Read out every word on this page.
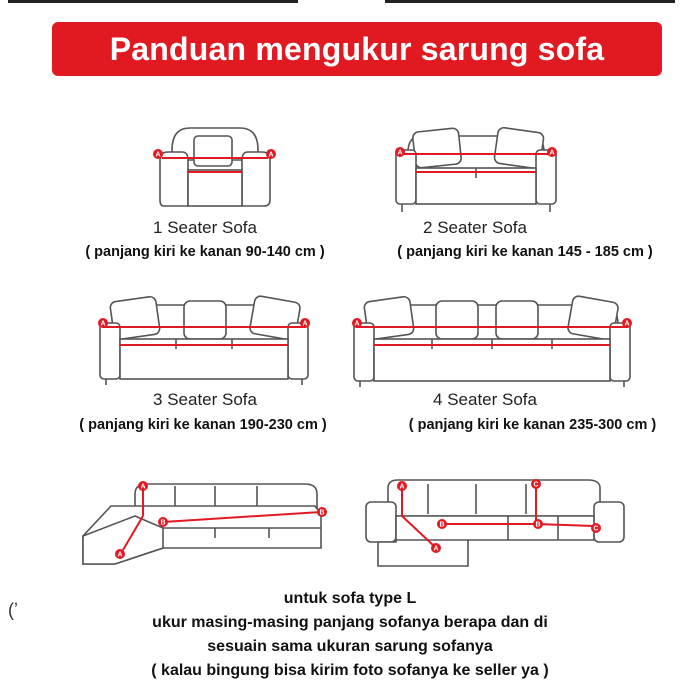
Panduan mengukur sarung sofa
A	A
1 Seater Sofa
( panjang kiri ke kanan 90-140 cm )
A	A
2 Seater Sofa
( panjang kiri ke kanan 145 - 185 cm )
A	A
3 Seater Sofa
( panjang kiri ke kanan 190-230 cm )
A	A
4 Seater Sofa
( panjang kiri ke kanan 235-300 cm )
A
A
B
B
A
A
B	B
C
C
(ʼ
untuk sofa type L
ukur masing-masing panjang sofanya berapa dan di
sesuain sama ukuran sarung sofanya
( kalau bingung bisa kirim foto sofanya ke seller ya )
